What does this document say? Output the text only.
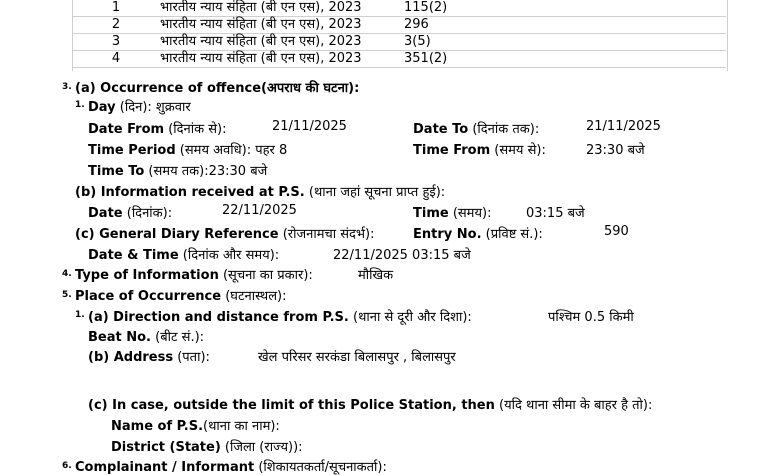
1	भारतीय न्याय संहिता (बी एन एस), 2023	115(2)
2	भारतीय न्याय संहिता (बी एन एस), 2023	296
3	भारतीय न्याय संहिता (बी एन एस), 2023	3(5)
4	भारतीय न्याय संहिता (बी एन एस), 2023	351(2)
3. (a) Occurrence of offence(अपराध की घटना):
1. Day (दिन): शुक्रवार
Date From (दिनांक से):	21/11/2025	Date To (दिनांक तक):	21/11/2025
Time Period (समय अवधि): पहर 8	Time From (समय से):	23:30 बजे
Time To (समय तक):23:30 बजे
(b) Information received at P.S. (थाना जहां सूचना प्राप्त हुई):
Date (दिनांक):	22/11/2025	Time (समय):	03:15 बजे
(c) General Diary Reference (रोजनामचा संदर्भ):	Entry No. (प्रविष्ट सं.):	590
Date & Time (दिनांक और समय):	22/11/2025 03:15 बजे
4. Type of Information (सूचना का प्रकार):	मौखिक
5. Place of Occurrence (घटनास्थल):
1. (a) Direction and distance from P.S. (थाना से दूरी और दिशा):	पश्चिम 0.5 किमी
Beat No. (बीट सं.):
(b) Address (पता):	खेल परिसर सरकंडा बिलासपुर , बिलासपुर
(c) In case, outside the limit of this Police Station, then (यदि थाना सीमा के बाहर है तो):
Name of P.S.(थाना का नाम):
District (State) (जिला (राज्य)):
6. Complainant / Informant (शिकायतकर्ता/सूचनाकर्ता):
